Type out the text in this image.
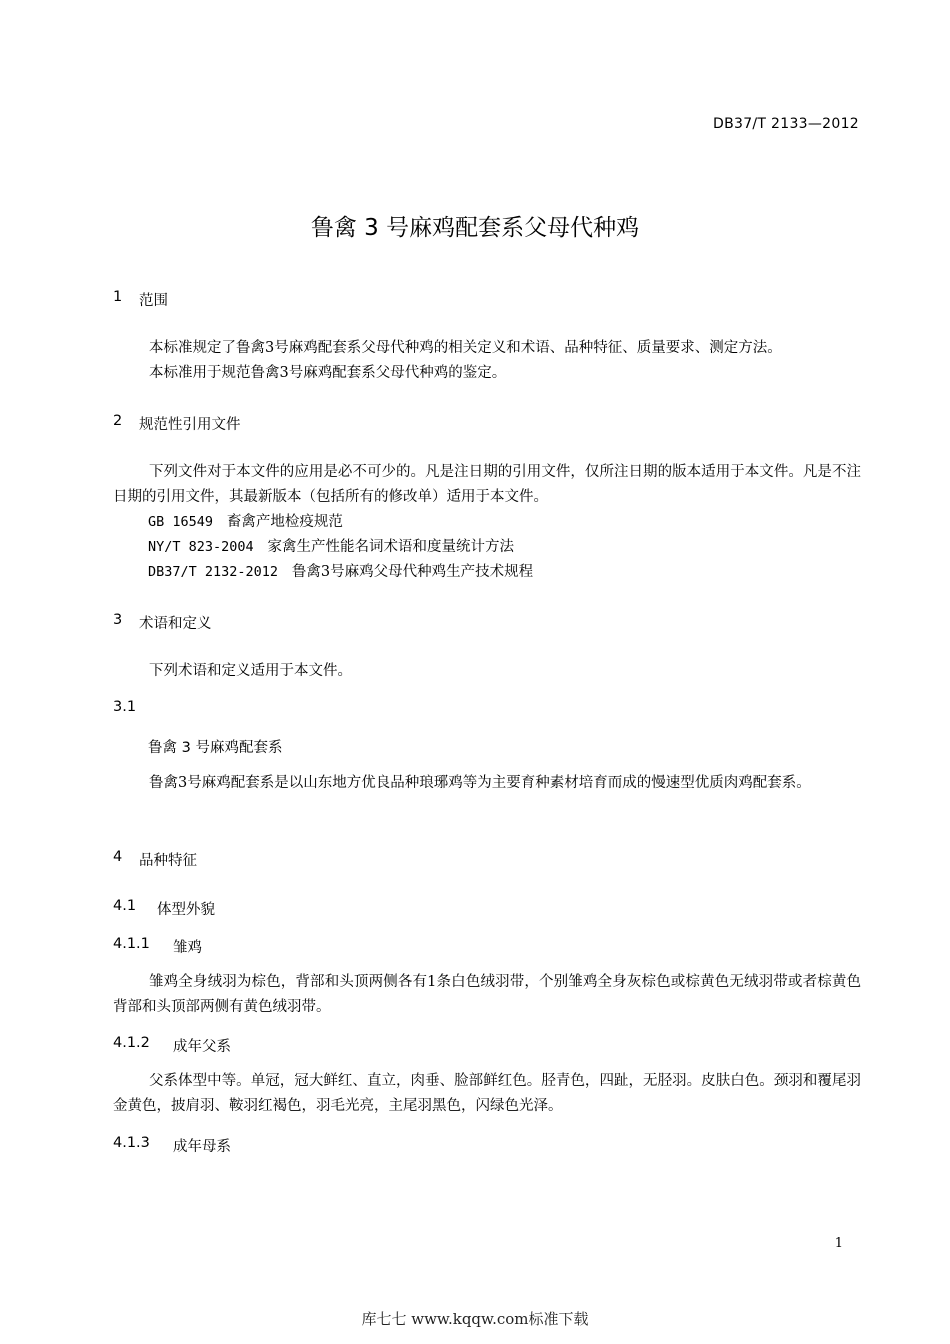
DB37/T 2133—2012
鲁禽 3 号麻鸡配套系父母代种鸡
1 范围
本标准规定了鲁禽3号麻鸡配套系父母代种鸡的相关定义和术语、品种特征、质量要求、测定方法。
本标准用于规范鲁禽3号麻鸡配套系父母代种鸡的鉴定。
2 规范性引用文件
下列文件对于本文件的应用是必不可少的。凡是注日期的引用文件，仅所注日期的版本适用于本文件。凡是不注日期的引用文件，其最新版本（包括所有的修改单）适用于本文件。
GB 16549 畜禽产地检疫规范
NY/T 823-2004 家禽生产性能名词术语和度量统计方法
DB37/T 2132-2012 鲁禽3号麻鸡父母代种鸡生产技术规程
3 术语和定义
下列术语和定义适用于本文件。
3.1
鲁禽 3 号麻鸡配套系
鲁禽3号麻鸡配套系是以山东地方优良品种琅琊鸡等为主要育种素材培育而成的慢速型优质肉鸡配套系。
4 品种特征
4.1 体型外貌
4.1.1 雏鸡
雏鸡全身绒羽为棕色，背部和头顶两侧各有1条白色绒羽带，个别雏鸡全身灰棕色或棕黄色无绒羽带或者棕黄色背部和头顶部两侧有黄色绒羽带。
4.1.2 成年父系
父系体型中等。单冠，冠大鲜红、直立，肉垂、脸部鲜红色。胫青色，四趾，无胫羽。皮肤白色。颈羽和覆尾羽金黄色，披肩羽、鞍羽红褐色，羽毛光亮，主尾羽黑色，闪绿色光泽。
4.1.3 成年母系
1
库七七 www.kqqw.com标准下载
